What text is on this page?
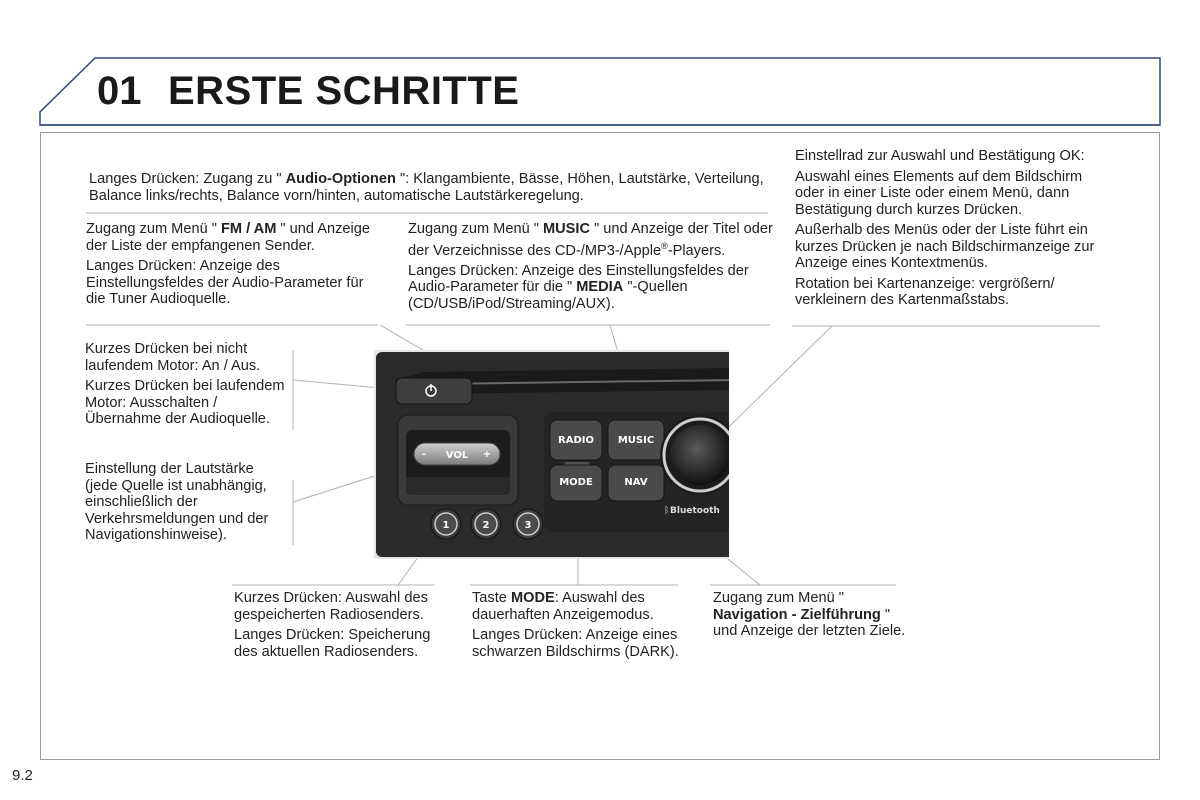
01 ERSTE SCHRITTE

Langes Drücken: Zugang zu " Audio-Optionen ": Klangambiente, Bässe, Höhen, Lautstärke, Verteilung, Balance links/rechts, Balance vorn/hinten, automatische Lautstärkeregelung.

Zugang zum Menü " FM / AM " und Anzeige der Liste der empfangenen Sender.

Langes Drücken: Anzeige des Einstellungsfeldes der Audio-Parameter für die Tuner Audioquelle.

Zugang zum Menü " MUSIC " und Anzeige der Titel oder der Verzeichnisse des CD-/MP3-/Apple®-Players.

Langes Drücken: Anzeige des Einstellungsfeldes der Audio-Parameter für die " MEDIA "-Quellen (CD/USB/iPod/Streaming/AUX).

Einstellrad zur Auswahl und Bestätigung OK:

Auswahl eines Elements auf dem Bildschirm oder in einer Liste oder einem Menü, dann Bestätigung durch kurzes Drücken.

Außerhalb des Menüs oder der Liste führt ein kurzes Drücken je nach Bildschirmanzeige zur Anzeige eines Kontextmenüs.

Rotation bei Kartenanzeige: vergrößern/ verkleinern des Kartenmaßstabs.

Kurzes Drücken bei nicht laufendem Motor: An / Aus.

Kurzes Drücken bei laufendem Motor: Ausschalten / Übernahme der Audioquelle.

Einstellung der Lautstärke (jede Quelle ist unabhängig, einschließlich der Verkehrsmeldungen und der Navigationshinweise).

Kurzes Drücken: Auswahl des gespeicherten Radiosenders.

Langes Drücken: Speicherung des aktuellen Radiosenders.

Taste MODE: Auswahl des dauerhaften Anzeigemodus.

Langes Drücken: Anzeige eines schwarzen Bildschirms (DARK).

Zugang zum Menü " Navigation - Zielführung " und Anzeige der letzten Ziele.

VOL
-	+
RADIO MUSIC
MODE	NAV
Bluetooth
ᛒ
1	2	3
9.2
